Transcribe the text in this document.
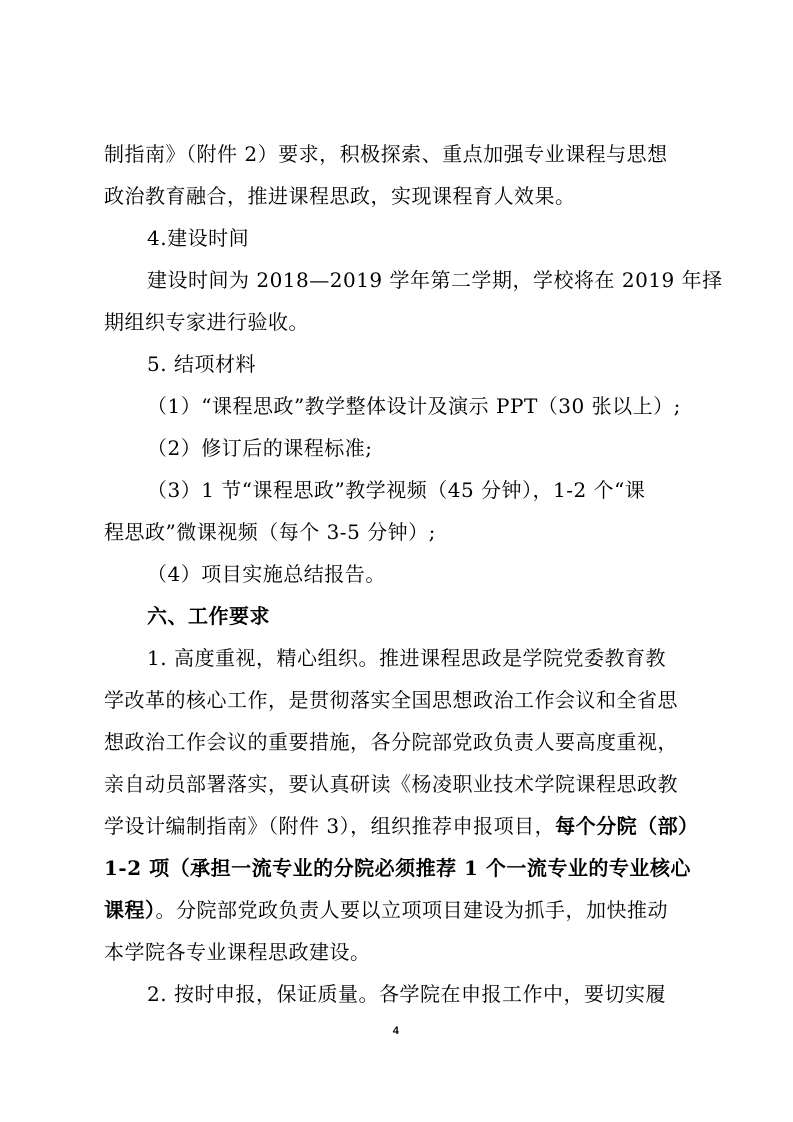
制指南》（附件 2）要求，积极探索、重点加强专业课程与思想
政治教育融合，推进课程思政，实现课程育人效果。
4.建设时间
建设时间为 2018—2019 学年第二学期，学校将在 2019 年择
期组织专家进行验收。
5. 结项材料
（1）“课程思政”教学整体设计及演示 PPT（30 张以上）;
（2）修订后的课程标准;
（3）1 节“课程思政”教学视频（45 分钟），1-2 个“课
程思政”微课视频（每个 3-5 分钟）;
（4）项目实施总结报告。
六、工作要求
1. 高度重视，精心组织。推进课程思政是学院党委教育教
学改革的核心工作，是贯彻落实全国思想政治工作会议和全省思
想政治工作会议的重要措施，各分院部党政负责人要高度重视，
亲自动员部署落实，要认真研读《杨凌职业技术学院课程思政教
学设计编制指南》（附件 3），组织推荐申报项目，每个分院（部）
1-2 项（承担一流专业的分院必须推荐 1 个一流专业的专业核心
课程）。分院部党政负责人要以立项项目建设为抓手，加快推动
本学院各专业课程思政建设。
2. 按时申报，保证质量。各学院在申报工作中，要切实履
4
